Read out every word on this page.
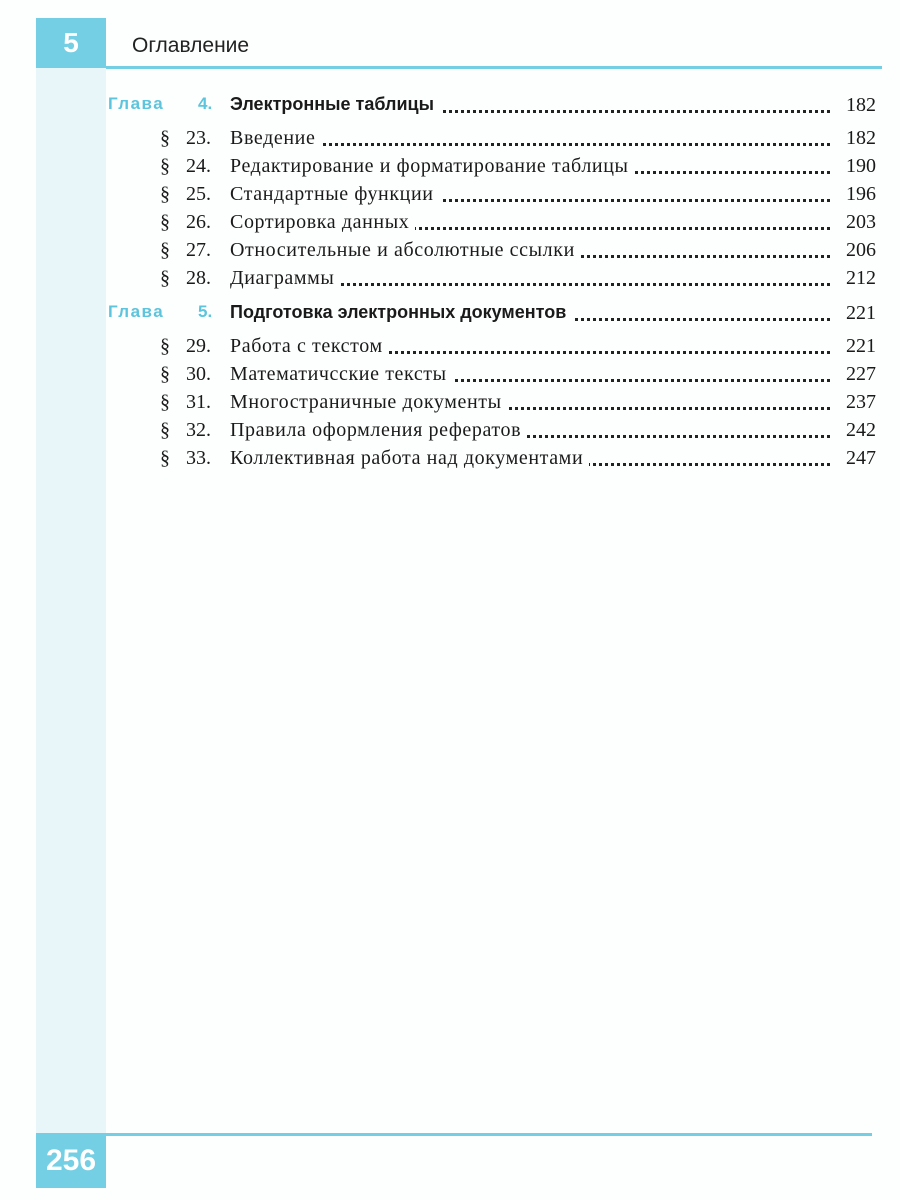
5	Оглавление
Глава 4. Электронные таблицы	182
§ 23. Введение	182
§ 24. Редактирование и форматирование таблицы	190
§ 25. Стандартные функции	196
§ 26. Сортировка данных	203
§ 27. Относительные и абсолютные ссылки	206
§ 28. Диаграммы	212
Глава 5. Подготовка электронных документов	221
§ 29. Работа с текстом	221
§ 30. Математичсские тексты	227
§ 31. Многостраничные документы	237
§ 32. Правила оформления рефератов	242
§ 33. Коллективная работа над документами	247
256
